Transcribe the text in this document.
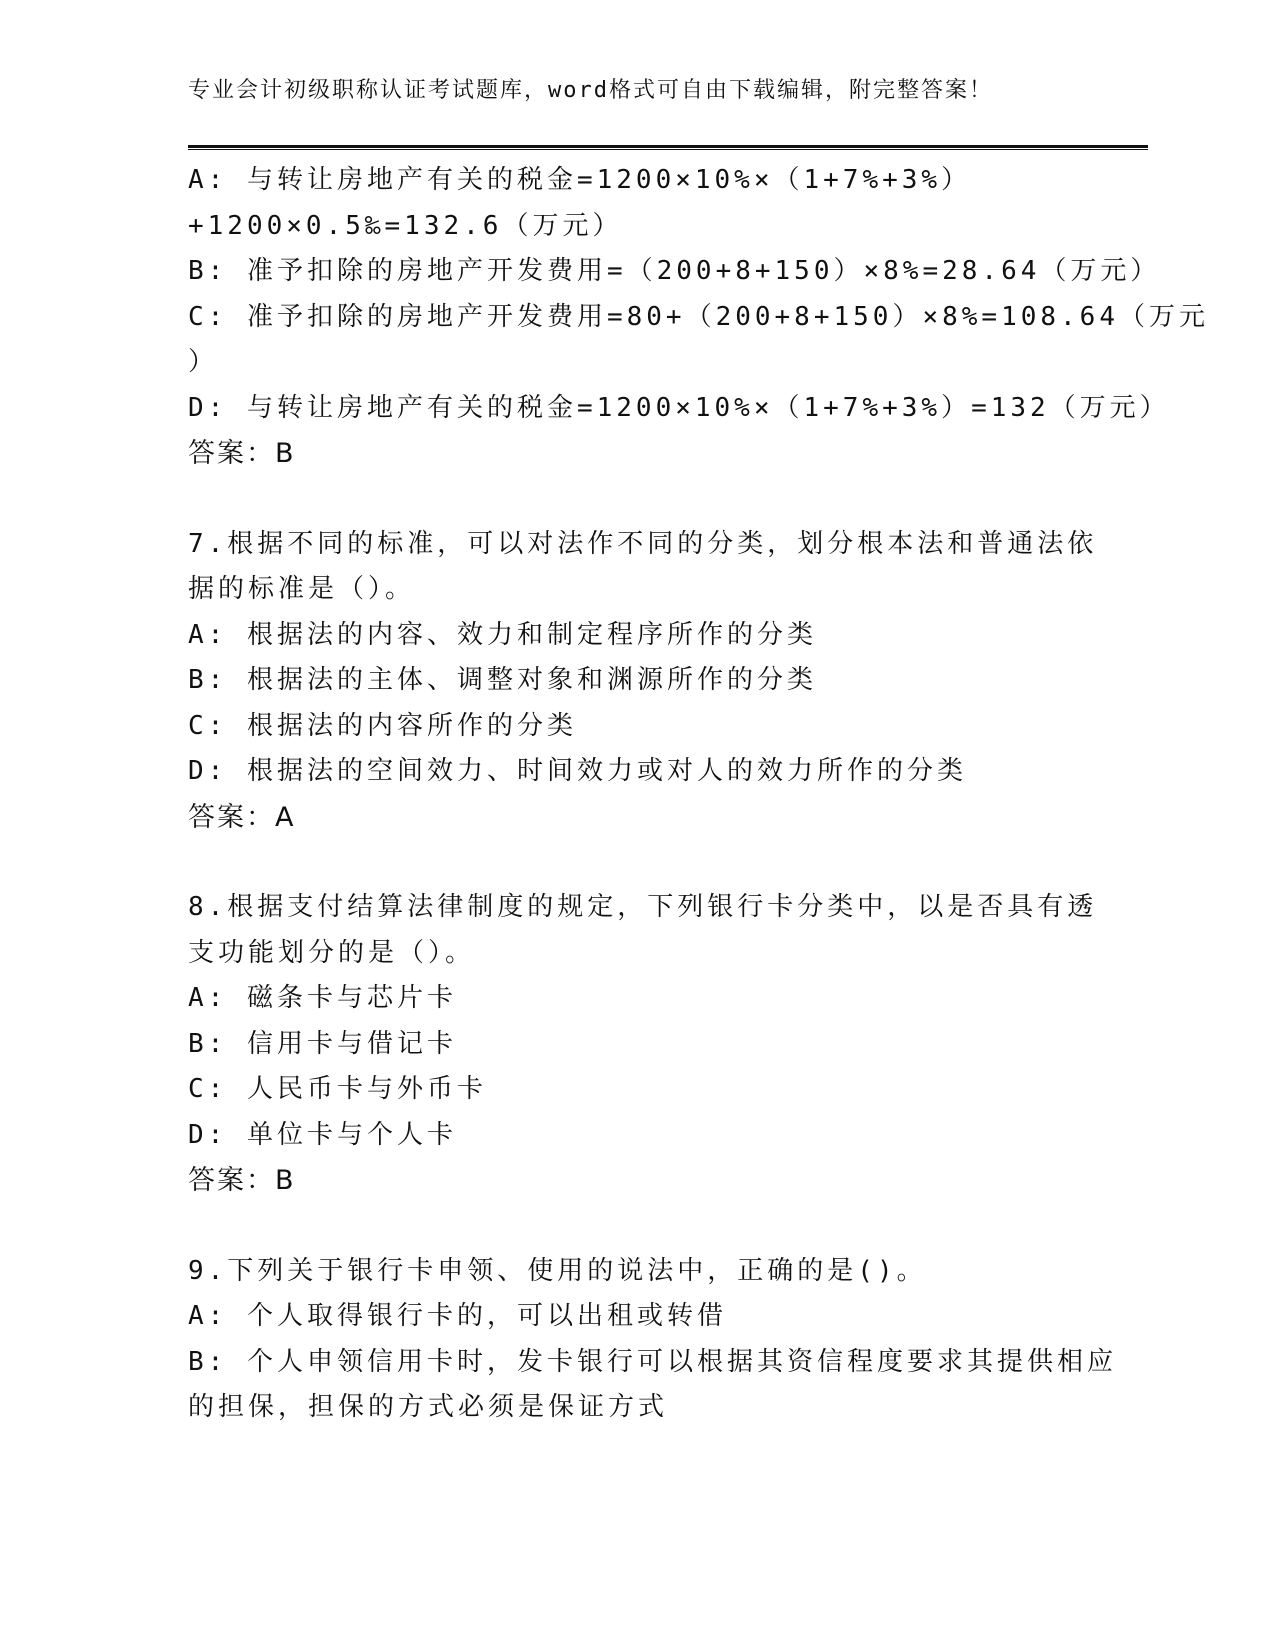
专业会计初级职称认证考试题库，word格式可自由下载编辑，附完整答案！
A: 与转让房地产有关的税金=1200×10%×（1+7%+3%）
+1200×0.5‰=132.6（万元）
B: 准予扣除的房地产开发费用=（200+8+150）×8%=28.64（万元）
C: 准予扣除的房地产开发费用=80+（200+8+150）×8%=108.64（万元
）
D: 与转让房地产有关的税金=1200×10%×（1+7%+3%）=132（万元）
答案：B
7.根据不同的标准，可以对法作不同的分类，划分根本法和普通法依
据的标准是（）。
A: 根据法的内容、效力和制定程序所作的分类
B: 根据法的主体、调整对象和渊源所作的分类
C: 根据法的内容所作的分类
D: 根据法的空间效力、时间效力或对人的效力所作的分类
答案：A
8.根据支付结算法律制度的规定，下列银行卡分类中，以是否具有透
支功能划分的是（）。
A: 磁条卡与芯片卡
B: 信用卡与借记卡
C: 人民币卡与外币卡
D: 单位卡与个人卡
答案：B
9.下列关于银行卡申领、使用的说法中，正确的是()。
A: 个人取得银行卡的，可以出租或转借
B: 个人申领信用卡时，发卡银行可以根据其资信程度要求其提供相应
的担保，担保的方式必须是保证方式
